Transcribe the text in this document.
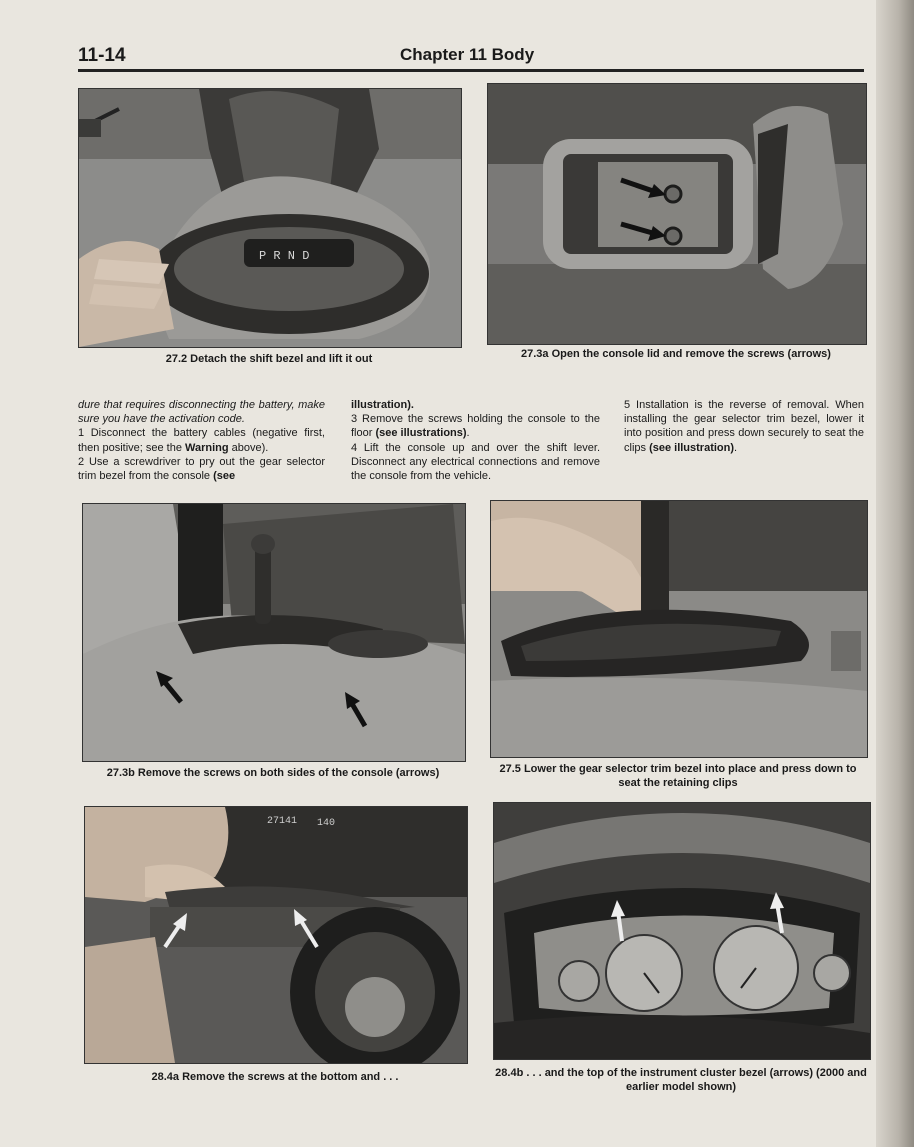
11-14	Chapter 11 Body
P R N D
27.2 Detach the shift bezel and lift it out	27.3a Open the console lid and remove the screws (arrows)

dure that requires disconnecting the battery, make sure you have the activation code.

1 Disconnect the battery cables (negative first, then positive; see the Warning above).

2 Use a screwdriver to pry out the gear selector trim bezel from the console (see

illustration).

3 Remove the screws holding the console to the floor (see illustrations).

4 Lift the console up and over the shift lever. Disconnect any electrical connections and remove the console from the vehicle.

5 Installation is the reverse of removal. When installing the gear selector trim bezel, lower it into position and press down securely to seat the clips (see illustration).

27.3b Remove the screws on both sides of the console (arrows)	27.5 Lower the gear selector trim bezel into place and press down to seat the retaining clips
27141 140
28.4a Remove the screws at the bottom and . . .	28.4b . . . and the top of the instrument cluster bezel (arrows) (2000 and earlier model shown)
